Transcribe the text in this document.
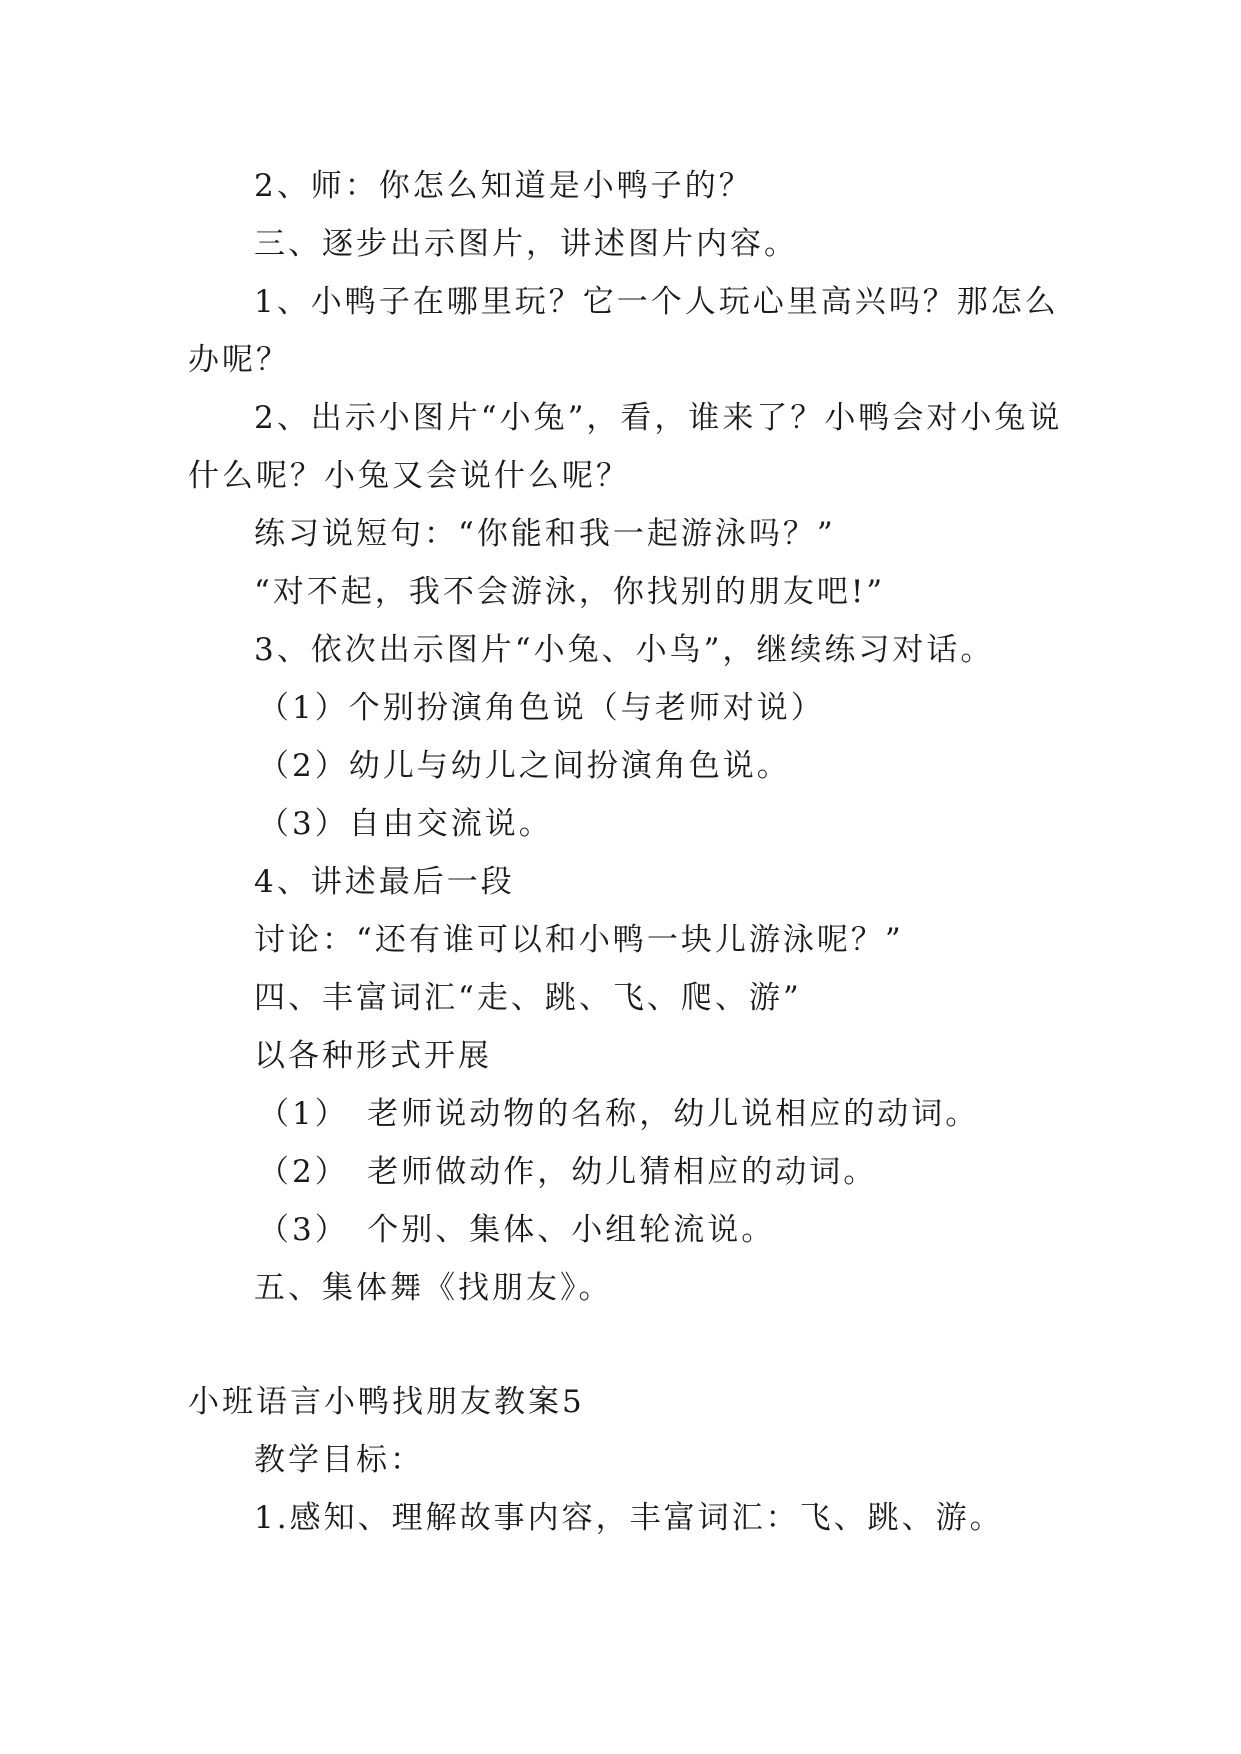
2、师：你怎么知道是小鸭子的？
三、逐步出示图片，讲述图片内容。
1、小鸭子在哪里玩？它一个人玩心里高兴吗？那怎么
办呢？
2、出示小图片“小兔”，看，谁来了？小鸭会对小兔说
什么呢？小兔又会说什么呢？
练习说短句：“你能和我一起游泳吗？”
“对不起，我不会游泳，你找别的朋友吧!”
3、依次出示图片“小兔、小鸟”，继续练习对话。
（1）个别扮演角色说（与老师对说）
（2）幼儿与幼儿之间扮演角色说。
（3）自由交流说。
4、讲述最后一段
讨论：“还有谁可以和小鸭一块儿游泳呢？”
四、丰富词汇“走、跳、飞、爬、游”
以各种形式开展
（1）　老师说动物的名称，幼儿说相应的动词。
（2）　老师做动作，幼儿猜相应的动词。
（3）　个别、集体、小组轮流说。
五、集体舞《找朋友》。
小班语言小鸭找朋友教案5
教学目标：
1.感知、理解故事内容，丰富词汇：飞、跳、游。
